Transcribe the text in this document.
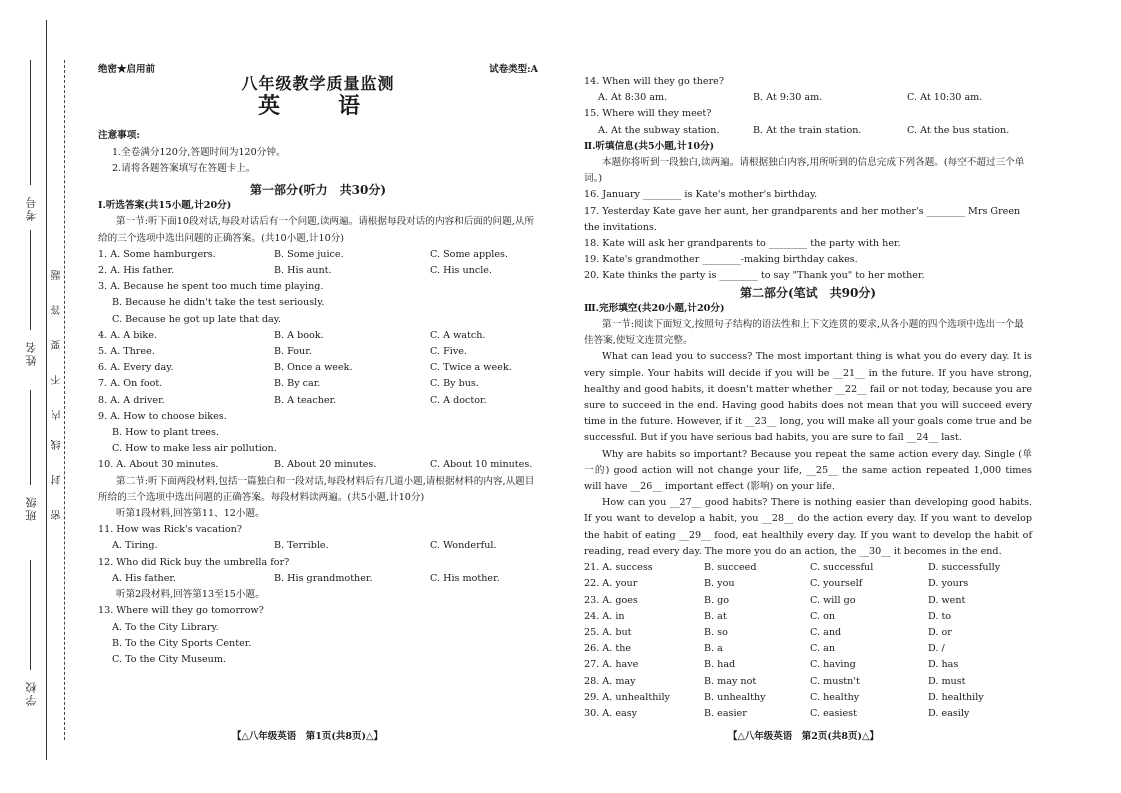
考号
姓名
班级
学校
题
答
要
不
内
线
封
密
绝密★启用前	试卷类型:A
八年级教学质量监测
英　语
注意事项:
1.全卷满分120分,答题时间为120分钟。
2.请将各题答案填写在答题卡上。
第一部分(听力　共30分)
Ⅰ.听选答案(共15小题,计20分)
第一节:听下面10段对话,每段对话后有一个问题,读两遍。请根据每段对话的内容和后面的问题,从所给的三个选项中选出问题的正确答案。(共10小题,计10分)
1. A. Some hamburgers.	B. Some juice.	C. Some apples.
2. A. His father.	B. His aunt.	C. His uncle.
3. A. Because he spent too much time playing.
B. Because he didn't take the test seriously.
C. Because he got up late that day.
4. A. A bike.	B. A book.	C. A watch.
5. A. Three.	B. Four.	C. Five.
6. A. Every day.	B. Once a week.	C. Twice a week.
7. A. On foot.	B. By car.	C. By bus.
8. A. A driver.	B. A teacher.	C. A doctor.
9. A. How to choose bikes.
B. How to plant trees.
C. How to make less air pollution.
10. A. About 30 minutes.	B. About 20 minutes.	C. About 10 minutes.
第二节:听下面两段材料,包括一篇独白和一段对话,每段材料后有几道小题,请根据材料的内容,从题目所给的三个选项中选出问题的正确答案。每段材料读两遍。(共5小题,计10分)
听第1段材料,回答第11、12小题。
11. How was Rick's vacation?
A. Tiring.	B. Terrible.	C. Wonderful.
12. Who did Rick buy the umbrella for?
A. His father.	B. His grandmother.	C. His mother.
听第2段材料,回答第13至15小题。
13. Where will they go tomorrow?
A. To the City Library.
B. To the City Sports Center.
C. To the City Museum.
【△八年级英语　第1页(共8页)△】
14. When will they go there?
A. At 8:30 am.	B. At 9:30 am.	C. At 10:30 am.
15. Where will they meet?
A. At the subway station.	B. At the train station.	C. At the bus station.
Ⅱ.听填信息(共5小题,计10分)
本题你将听到一段独白,读两遍。请根据独白内容,用所听到的信息完成下列各题。(每空不超过三个单词。)
16. January ________ is Kate's mother's birthday.
17. Yesterday Kate gave her aunt, her grandparents and her mother's ________ Mrs Green the invitations.
18. Kate will ask her grandparents to ________ the party with her.
19. Kate's grandmother ________-making birthday cakes.
20. Kate thinks the party is ________ to say "Thank you" to her mother.
第二部分(笔试　共90分)
Ⅲ.完形填空(共20小题,计20分)
第一节:阅读下面短文,按照句子结构的语法性和上下文连贯的要求,从各小题的四个选项中选出一个最佳答案,使短文连贯完整。

What can lead you to success? The most important thing is what you do every day. It is very simple. Your habits will decide if you will be __21__ in the future. If you have strong, healthy and good habits, it doesn't matter whether __22__ fail or not today, because you are sure to succeed in the end. Having good habits does not mean that you will succeed every time in the future. However, if it __23__ long, you will make all your goals come true and be successful. But if you have serious bad habits, you are sure to fail __24__ last.

Why are habits so important? Because you repeat the same action every day. Single (单一的) good action will not change your life, __25__ the same action repeated 1,000 times will have __26__ important effect (影响) on your life.

How can you __27__ good habits? There is nothing easier than developing good habits. If you want to develop a habit, you __28__ do the action every day. If you want to develop the habit of eating __29__ food, eat healthily every day. If you want to develop the habit of reading, read every day. The more you do an action, the __30__ it becomes in the end.

21. A. success	B. succeed	C. successful	D. successfully
22. A. your	B. you	C. yourself	D. yours
23. A. goes	B. go	C. will go	D. went
24. A. in	B. at	C. on	D. to
25. A. but	B. so	C. and	D. or
26. A. the	B. a	C. an	D. /
27. A. have	B. had	C. having	D. has
28. A. may	B. may not	C. mustn't	D. must
29. A. unhealthily	B. unhealthy	C. healthy	D. healthily
30. A. easy	B. easier	C. easiest	D. easily
【△八年级英语　第2页(共8页)△】
